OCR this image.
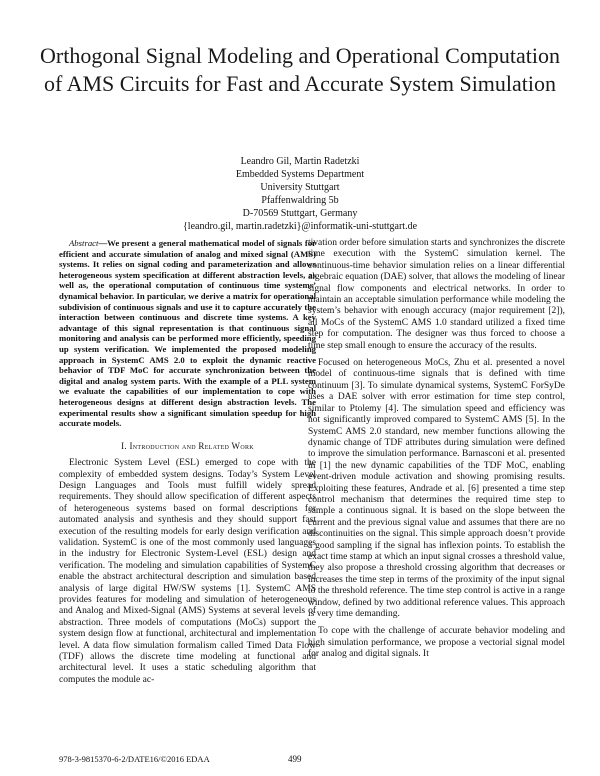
Orthogonal Signal Modeling and Operational Computation of AMS Circuits for Fast and Accurate System Simulation
Leandro Gil, Martin Radetzki
Embedded Systems Department
University Stuttgart
Pfaffenwaldring 5b
D-70569 Stuttgart, Germany
{leandro.gil, martin.radetzki}@informatik-uni-stuttgart.de

Abstract—We present a general mathematical model of signals for efficient and accurate simulation of analog and mixed signal (AMS) systems. It relies on signal coding and parameterization and allows heterogeneous system specification at different abstraction levels, as well as, the operational computation of continuous time systems’ dynamical behavior. In particular, we derive a matrix for operational subdivision of continuous signals and use it to capture accurately the interaction between continuous and discrete time systems. A key advantage of this signal representation is that continuous signal monitoring and analysis can be performed more efficiently, speeding up system verification. We implemented the proposed modeling approach in SystemC AMS 2.0 to exploit the dynamic reactive behavior of TDF MoC for accurate synchronization between the digital and analog system parts. With the example of a PLL system we evaluate the capabilities of our implementation to cope with heterogeneous designs at different design abstraction levels. The experimental results show a significant simulation speedup for high accurate models.

I. Introduction and Related Work

Electronic System Level (ESL) emerged to cope with the complexity of embedded system designs. Today’s System Level Design Languages and Tools must fulfill widely spread requirements. They should allow specification of different aspects of heterogeneous systems based on formal descriptions for automated analysis and synthesis and they should support fast execution of the resulting models for early design verification and validation. SystemC is one of the most commonly used languages in the industry for Electronic System-Level (ESL) design and verification. The modeling and simulation capabilities of SystemC enable the abstract architectural description and simulation based analysis of large digital HW/SW systems [1]. SystemC AMS provides features for modeling and simulation of heterogeneous and Analog and Mixed-Signal (AMS) Systems at several levels of abstraction. Three models of computations (MoCs) support the system design flow at functional, architectural and implementation level. A data flow simulation formalism called Timed Data Flow (TDF) allows the discrete time modeling at functional and architectural level. It uses a static scheduling algorithm that computes the module ac-

tivation order before simulation starts and synchronizes the discrete time execution with the SystemC simulation kernel. The continuous-time behavior simulation relies on a linear differential algebraic equation (DAE) solver, that allows the modeling of linear signal flow components and electrical networks. In order to maintain an acceptable simulation performance while modeling the system’s behavior with enough accuracy (major requirement [2]), all MoCs of the SystemC AMS 1.0 standard utilized a fixed time step for computation. The designer was thus forced to choose a time step small enough to ensure the accuracy of the results.

Focused on heterogeneous MoCs, Zhu et al. presented a novel model of continuous-time signals that is defined with time continuum [3]. To simulate dynamical systems, SystemC ForSyDe uses a DAE solver with error estimation for time step control, similar to Ptolemy [4]. The simulation speed and efficiency was not significantly improved compared to SystemC AMS [5]. In the SystemC AMS 2.0 standard, new member functions allowing the dynamic change of TDF attributes during simulation were defined to improve the simulation performance. Barnasconi et al. presented in [1] the new dynamic capabilities of the TDF MoC, enabling event-driven module activation and showing promising results. Exploiting these features, Andrade et al. [6] presented a time step control mechanism that determines the required time step to sample a continuous signal. It is based on the slope between the current and the previous signal value and assumes that there are no discontinuities on the signal. This simple approach doesn’t provide a good sampling if the signal has inflexion points. To establish the exact time stamp at which an input signal crosses a threshold value, they also propose a threshold crossing algorithm that decreases or increases the time step in terms of the proximity of the input signal to the threshold reference. The time step control is active in a range window, defined by two additional reference values. This approach is very time demanding.

To cope with the challenge of accurate behavior modeling and high simulation performance, we propose a vectorial signal model for analog and digital signals. It

978-3-9815370-6-2/DATE16/©2016 EDAA	499
